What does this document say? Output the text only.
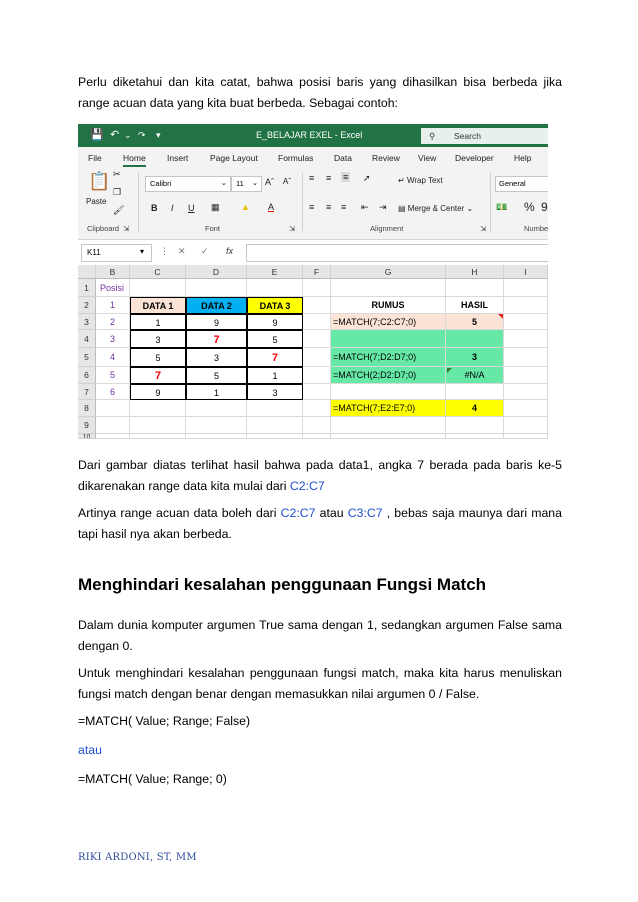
Perlu diketahui dan kita catat, bahwa posisi baris yang dihasilkan bisa berbeda jika range acuan data yang kita buat berbeda. Sebagai contoh:
💾 ↶ ⌄ ↷ ▾	E_BELAJAR EXEL - Excel	⚲ Search
File	Home	Insert	Page Layout Formulas Data Review View Developer Help
📋
Paste
✂
❐
🖌
Calibri	⌄ 11 ⌄ Aˆ Aˇ
B I U ▦ ▲ A
≡ ≡ ≡ ➚	↵ Wrap Text
≡ ≡ ≡ ⇤ ⇥ ▤ Merge & Center ⌄
General
💵 % 9
Clipboard ⇲	Font	⇲	Alignment	⇲	Numbe
K11	▾ ⋮ ✕ ✓ fx
B	C	D	E	F	G	H	I
1
2
3
4
5
6
7
8
9
10
Posisi
1	DATA 1	DATA 2	DATA 3	RUMUS	HASIL
2	1	9	9	=MATCH(7;C2:C7;0)	5
3	3	7	5
4	5	3	7	=MATCH(7;D2:D7;0)	3
5	7	5	1	=MATCH(2;D2:D7;0)	#N/A
6	9	1	3
=MATCH(7;E2:E7;0)	4
Dari gambar diatas terlihat hasil bahwa pada data1, angka 7 berada pada baris ke-5 dikarenakan range data kita mulai dari C2:C7
Artinya range acuan data boleh dari C2:C7 atau C3:C7 , bebas saja maunya dari mana tapi hasil nya akan berbeda.
Menghindari kesalahan penggunaan Fungsi Match
Dalam dunia komputer argumen True sama dengan 1, sedangkan argumen False sama dengan 0.
Untuk menghindari kesalahan penggunaan fungsi match, maka kita harus menuliskan fungsi match dengan benar dengan memasukkan nilai argumen 0 / False.
=MATCH( Value; Range; False)
atau
=MATCH( Value; Range; 0)
RIKI ARDONI, ST, MM
